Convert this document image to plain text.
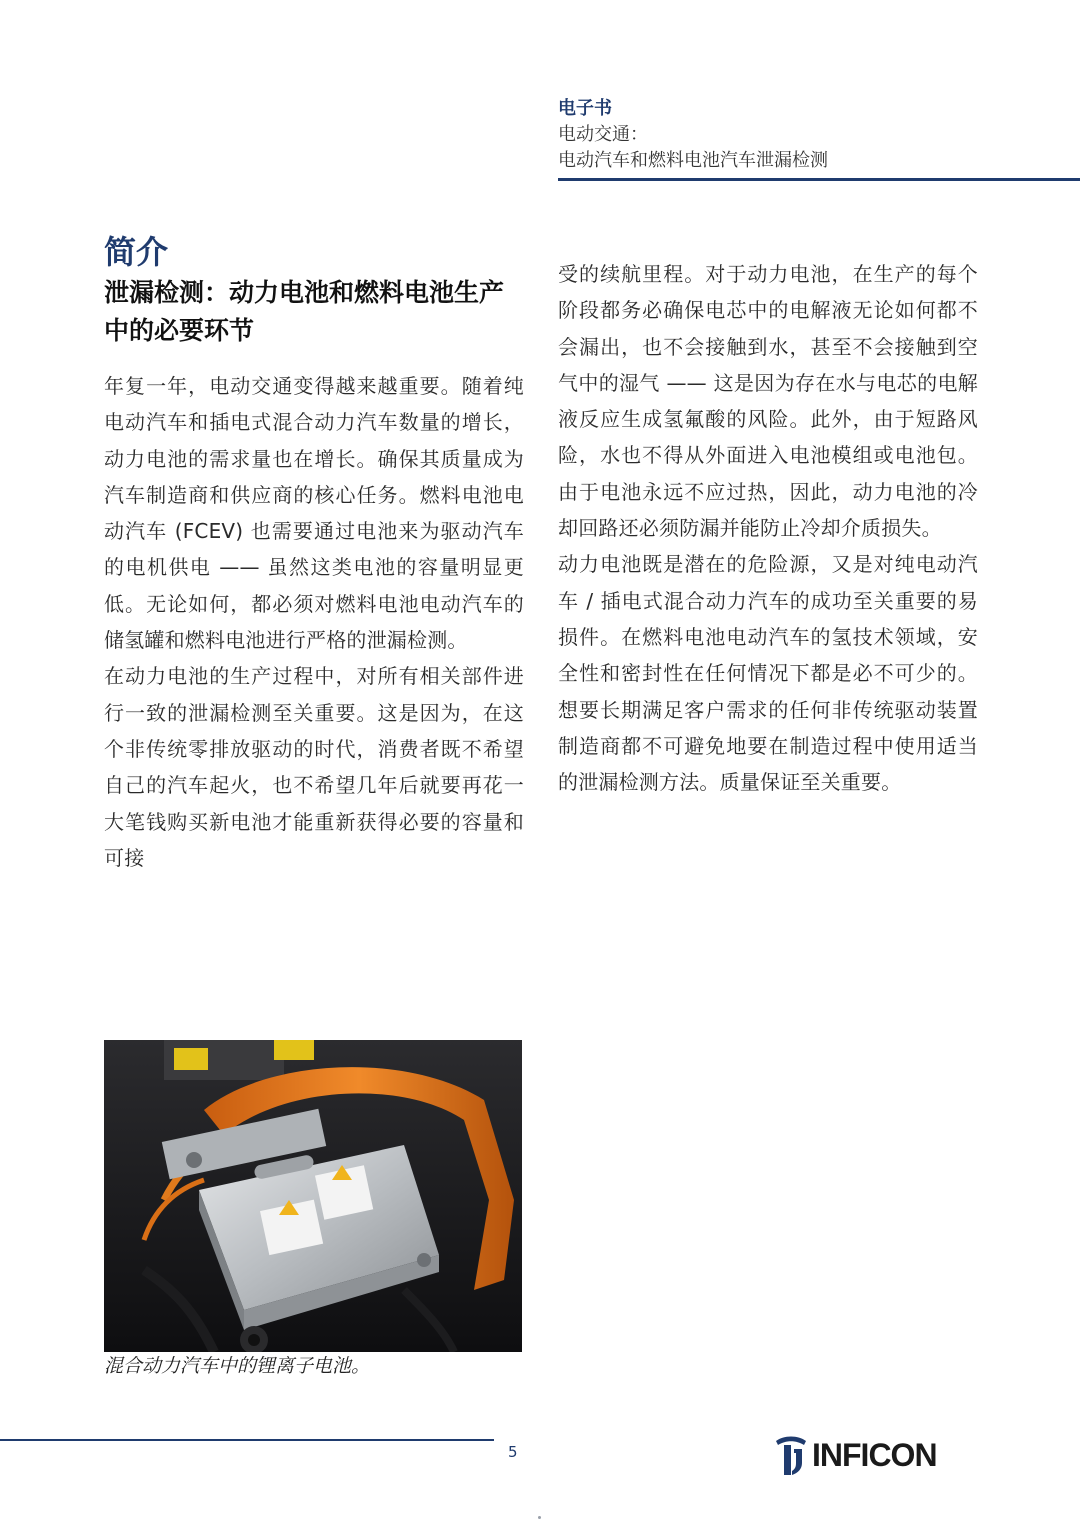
电子书
电动交通：
电动汽车和燃料电池汽车泄漏检测
简介
泄漏检测：动力电池和燃料电池生产中的必要环节

年复一年，电动交通变得越来越重要。随着纯电动汽车和插电式混合动力汽车数量的增长，动力电池的需求量也在增长。确保其质量成为汽车制造商和供应商的核心任务。燃料电池电动汽车 (FCEV) 也需要通过电池来为驱动汽车的电机供电 —— 虽然这类电池的容量明显更低。无论如何，都必须对燃料电池电动汽车的储氢罐和燃料电池进行严格的泄漏检测。

在动力电池的生产过程中，对所有相关部件进行一致的泄漏检测至关重要。这是因为，在这个非传统零排放驱动的时代，消费者既不希望自己的汽车起火，也不希望几年后就要再花一大笔钱购买新电池才能重新获得必要的容量和可接

受的续航里程。对于动力电池，在生产的每个阶段都务必确保电芯中的电解液无论如何都不会漏出，也不会接触到水，甚至不会接触到空气中的湿气 —— 这是因为存在水与电芯的电解液反应生成氢氟酸的风险。此外，由于短路风险，水也不得从外面进入电池模组或电池包。由于电池永远不应过热，因此，动力电池的冷却回路还必须防漏并能防止冷却介质损失。

动力电池既是潜在的危险源，又是对纯电动汽车 / 插电式混合动力汽车的成功至关重要的易损件。在燃料电池电动汽车的氢技术领域，安全性和密封性在任何情况下都是必不可少的。想要长期满足客户需求的任何非传统驱动装置制造商都不可避免地要在制造过程中使用适当的泄漏检测方法。质量保证至关重要。

混合动力汽车中的锂离子电池。
5	INFICON
